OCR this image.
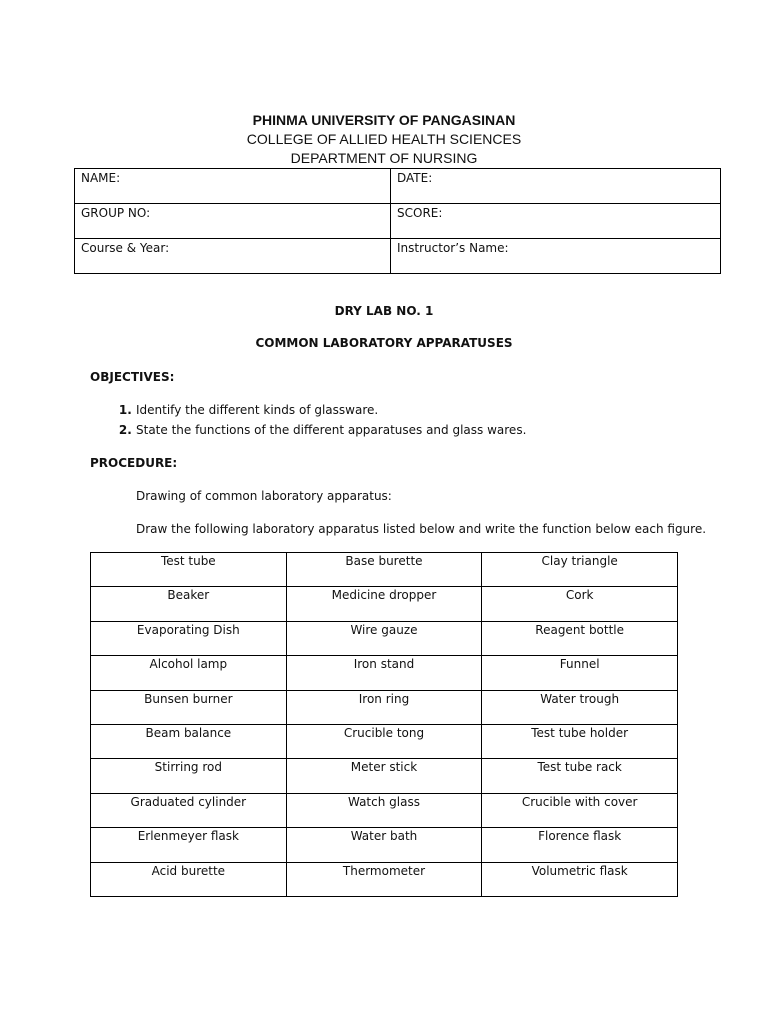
PHINMA UNIVERSITY OF PANGASINAN
COLLEGE OF ALLIED HEALTH SCIENCES
DEPARTMENT OF NURSING
NAME:	DATE:
GROUP NO:	SCORE:
Course & Year:	Instructor’s Name:
DRY LAB NO. 1
COMMON LABORATORY APPARATUSES
OBJECTIVES:
1. Identify the different kinds of glassware.
2. State the functions of the different apparatuses and glass wares.
PROCEDURE:
Drawing of common laboratory apparatus:
Draw the following laboratory apparatus listed below and write the function below each figure.
Test tube	Base burette	Clay triangle
Beaker	Medicine dropper	Cork
Evaporating Dish	Wire gauze	Reagent bottle
Alcohol lamp	Iron stand	Funnel
Bunsen burner	Iron ring	Water trough
Beam balance	Crucible tong	Test tube holder
Stirring rod	Meter stick	Test tube rack
Graduated cylinder	Watch glass	Crucible with cover
Erlenmeyer flask	Water bath	Florence flask
Acid burette	Thermometer	Volumetric flask
